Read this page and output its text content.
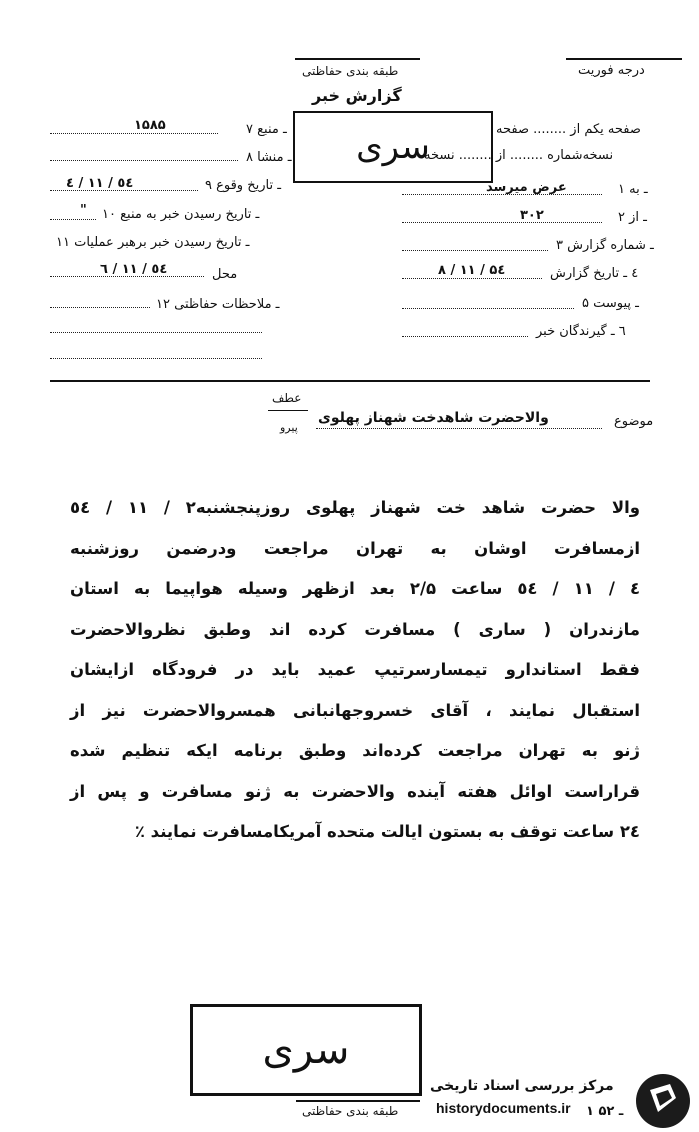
درجه فوریت
طبقه بندی حفاظتی
گزارش خبر
صفحه یکم از ........ صفحه
نسخه‌شماره ........ از ........ نسخه
۱ ـ به
عرض میرسد
۲ ـ از
۳۰۲
۳ ـ شماره گزارش
٤ ـ تاریخ گزارش
۸ / ۱۱ / ۵٤
۵ ـ پیوست
٦ ـ گیرندگان خبر
۷ ـ منبع
۱۵۸۵
۸ ـ منشا
۹ ـ تاریخ وقوع
٤ / ۱۱ / ٥٤
۱۰ ـ تاریخ رسیدن خبر به منبع
"
۱۱ ـ تاریخ رسیدن خبر برهبر عملیات
محل
٦ / ۱۱ / ٥٤
۱۲ ـ ملاحظات حفاظتی
سری
موضوع
والاحضرت شاهدخت شهناز پهلوی
عطف
پیرو
والا حضرت شاهد خت شهناز پهلوی روزپنجشنبه۲ / ۱۱ / ٥٤
ازمسافرت اوشان به تهران مراجعت ودرضمن روزشنبه
٤ / ۱۱ / ٥٤ ساعت ۲/۵ بعد ازظهر وسیله هواپیما به استان
مازندران ( ساری ) مسافرت کرده اند وطبق نظروالاحضرت
فقط استاندارو تیمسارسرتیپ عمید باید در فرودگاه ازایشان
استقبال نمایند ، آقای خسروجهانبانی همسروالاحضرت نیز از
ژنو به تهران مراجعت کرده‌اند وطبق برنامه ایکه تنظیم شده
قراراست اوائل هفته آینده والاحضرت به ژنو مسافرت و پس از
۲٤ ساعت توقف به بستون ایالت متحده آمریکامسافرت نمایند ٪
سری
طبقه بندی حفاظتی	۱ ـ ۵۲
مرکز بررسی اسناد تاریخی
historydocuments.ir
